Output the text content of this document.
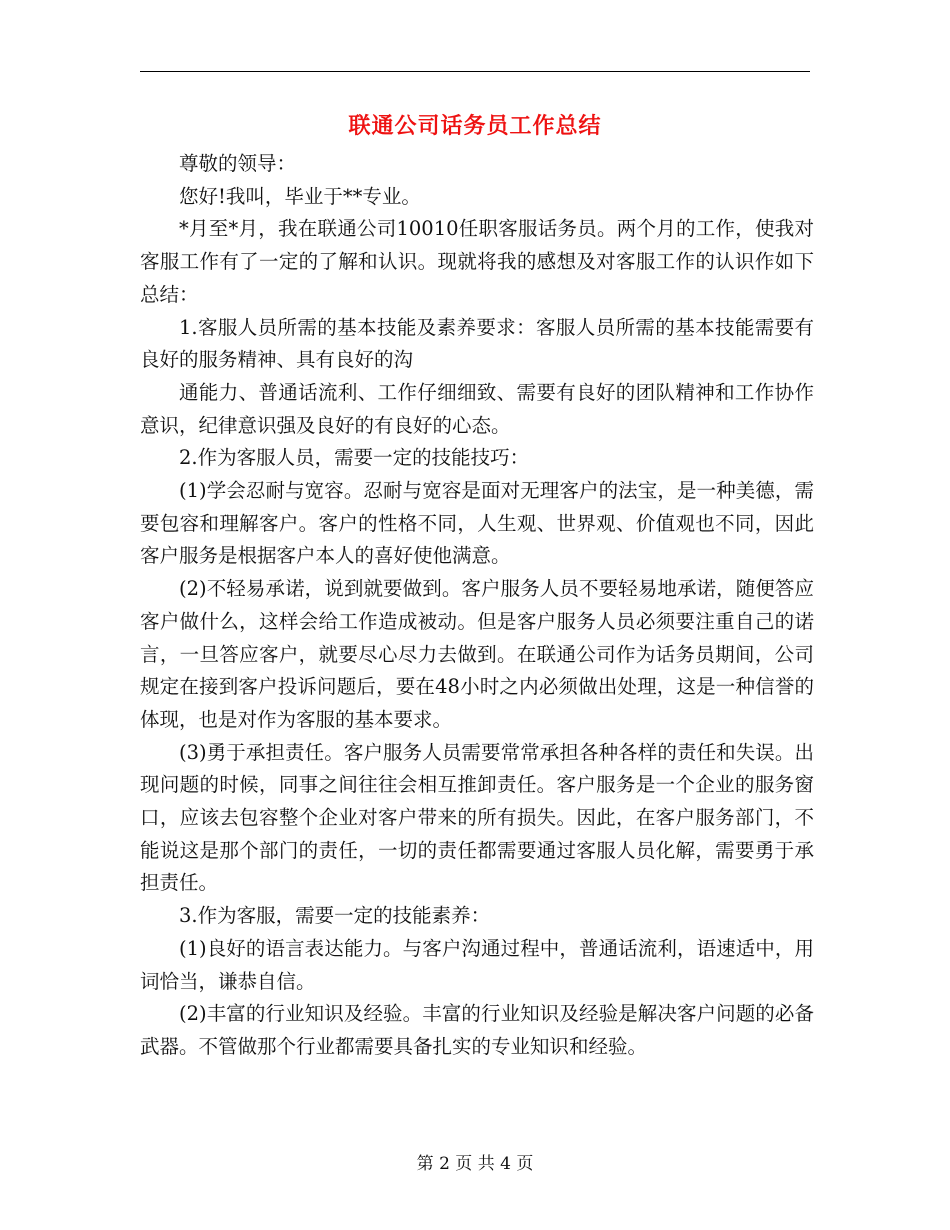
联通公司话务员工作总结

尊敬的领导：

您好!我叫，毕业于**专业。

*月至*月，我在联通公司10010任职客服话务员。两个月的工作，使我对客服工作有了一定的了解和认识。现就将我的感想及对客服工作的认识作如下总结：

1.客服人员所需的基本技能及素养要求：客服人员所需的基本技能需要有良好的服务精神、具有良好的沟

通能力、普通话流利、工作仔细细致、需要有良好的团队精神和工作协作意识，纪律意识强及良好的有良好的心态。

2.作为客服人员，需要一定的技能技巧：

(1)学会忍耐与宽容。忍耐与宽容是面对无理客户的法宝，是一种美德，需要包容和理解客户。客户的性格不同，人生观、世界观、价值观也不同，因此客户服务是根据客户本人的喜好使他满意。

(2)不轻易承诺，说到就要做到。客户服务人员不要轻易地承诺，随便答应客户做什么，这样会给工作造成被动。但是客户服务人员必须要注重自己的诺言，一旦答应客户，就要尽心尽力去做到。在联通公司作为话务员期间，公司规定在接到客户投诉问题后，要在48小时之内必须做出处理，这是一种信誉的体现，也是对作为客服的基本要求。

(3)勇于承担责任。客户服务人员需要常常承担各种各样的责任和失误。出现问题的时候，同事之间往往会相互推卸责任。客户服务是一个企业的服务窗口，应该去包容整个企业对客户带来的所有损失。因此，在客户服务部门，不能说这是那个部门的责任，一切的责任都需要通过客服人员化解，需要勇于承担责任。

3.作为客服，需要一定的技能素养：

(1)良好的语言表达能力。与客户沟通过程中，普通话流利，语速适中，用词恰当，谦恭自信。

(2)丰富的行业知识及经验。丰富的行业知识及经验是解决客户问题的必备武器。不管做那个行业都需要具备扎实的专业知识和经验。

第 2 页 共 4 页
